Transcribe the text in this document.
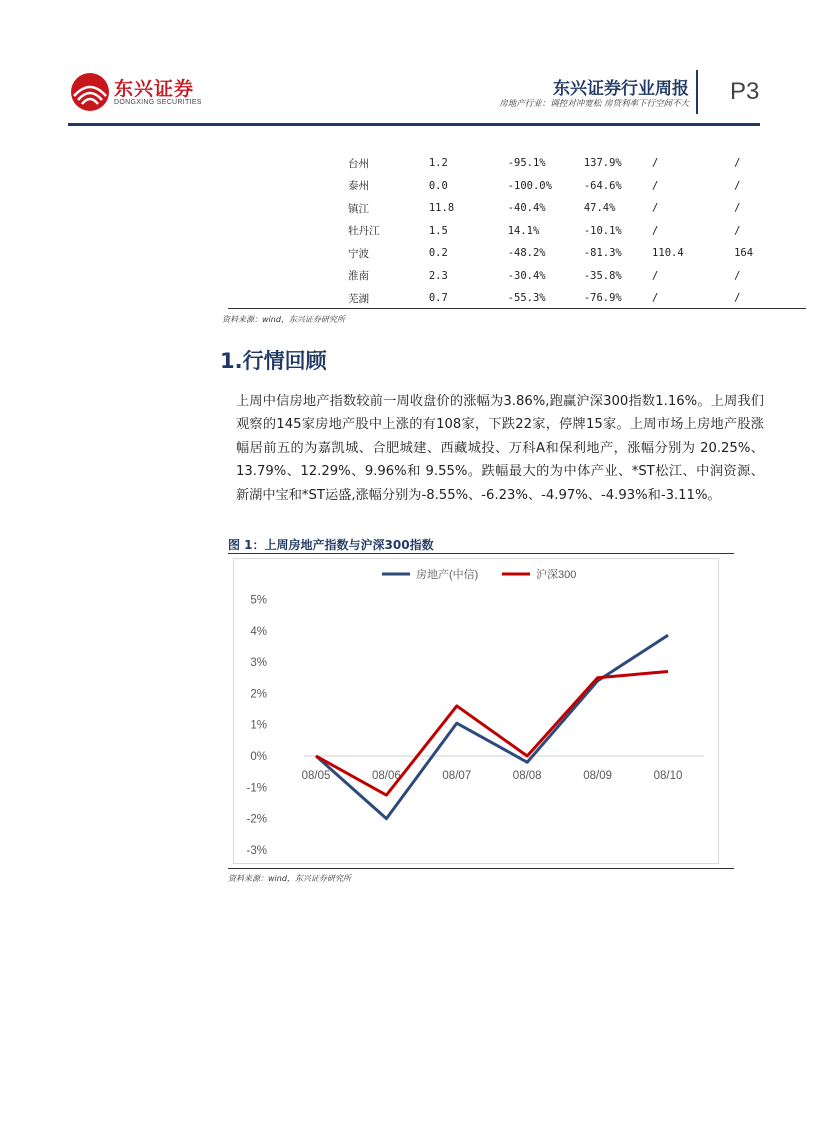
东兴证券
DONGXING SECURITIES
东兴证券行业周报
房地产行业：调控对冲宽松 房贷利率下行空间不大 P3
台州	1.2	-95.1%	137.9%	/	/
泰州	0.0	-100.0%	-64.6%	/	/
镇江	11.8	-40.4%	47.4%	/	/
牡丹江	1.5	14.1%	-10.1%	/	/
宁波	0.2	-48.2%	-81.3%	110.4	164
淮南	2.3	-30.4%	-35.8%	/	/
芜湖	0.7	-55.3%	-76.9%	/	/
资料来源：wind，东兴证券研究所
1.行情回顾
上周中信房地产指数较前一周收盘价的涨幅为3.86%,跑赢沪深300指数1.16%。上周我们观察的145家房地产股中上涨的有108家，下跌22家，停牌15家。上周市场上房地产股涨幅居前五的为嘉凯城、合肥城建、西藏城投、万科A和保利地产，涨幅分别为 20.25%、13.79%、12.29%、9.96%和 9.55%。跌幅最大的为中体产业、*ST松江、中润资源、新湖中宝和*ST运盛,涨幅分别为-8.55%、-6.23%、-4.97%、-4.93%和-3.11%。
图 1：上周房地产指数与沪深300指数
5%
4%
3%
2%
1%
0%
-1%
-2%
-3%
08/05	08/06	08/07	08/08	08/09	08/10
房地产(中信)	沪深300
资料来源：wind，东兴证券研究所
